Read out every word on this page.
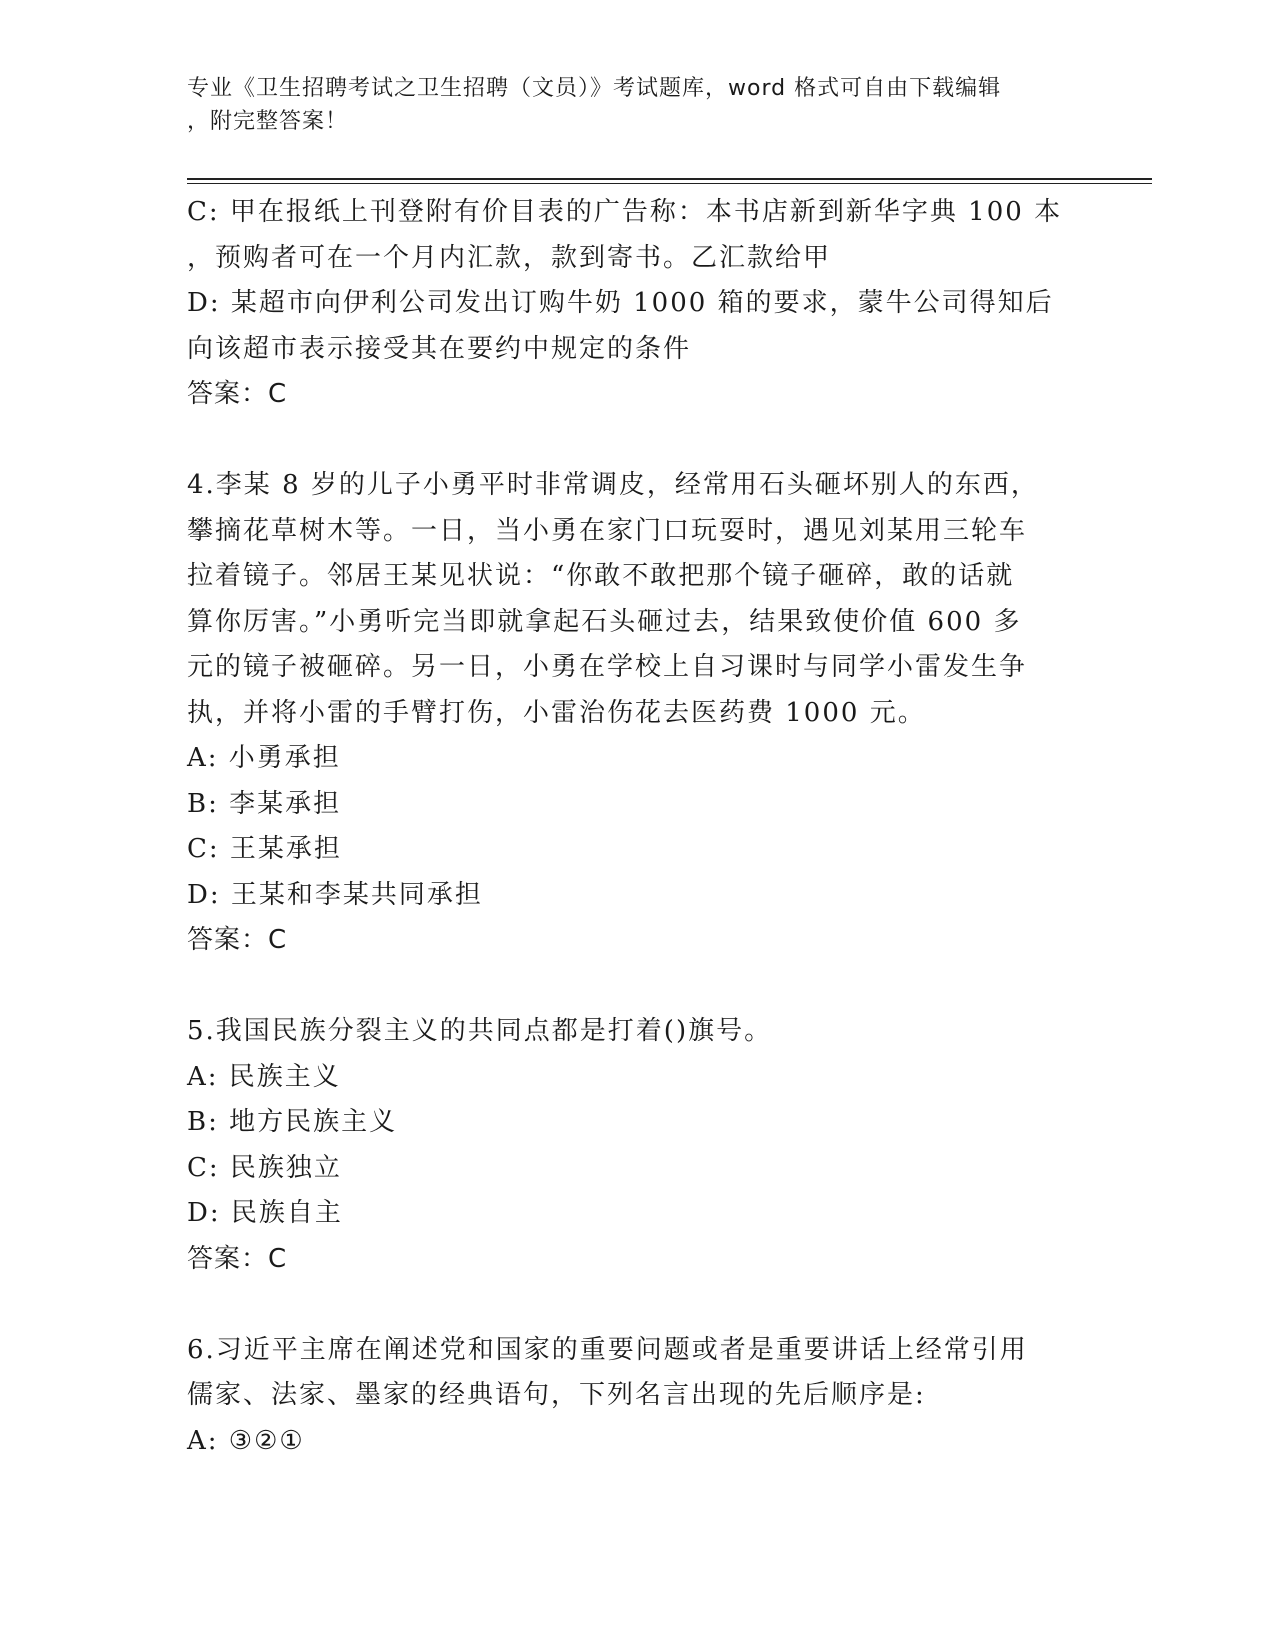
专业《卫生招聘考试之卫生招聘（文员）》考试题库，word 格式可自由下载编辑
，附完整答案！
C: 甲在报纸上刊登附有价目表的广告称：本书店新到新华字典 100 本
，预购者可在一个月内汇款，款到寄书。乙汇款给甲
D: 某超市向伊利公司发出订购牛奶 1000 箱的要求，蒙牛公司得知后
向该超市表示接受其在要约中规定的条件
答案：C
4.李某 8 岁的儿子小勇平时非常调皮，经常用石头砸坏别人的东西，
攀摘花草树木等。一日，当小勇在家门口玩耍时，遇见刘某用三轮车
拉着镜子。邻居王某见状说：“你敢不敢把那个镜子砸碎，敢的话就
算你厉害。”小勇听完当即就拿起石头砸过去，结果致使价值 600 多
元的镜子被砸碎。另一日，小勇在学校上自习课时与同学小雷发生争
执，并将小雷的手臂打伤，小雷治伤花去医药费 1000 元。
A: 小勇承担
B: 李某承担
C: 王某承担
D: 王某和李某共同承担
答案：C
5.我国民族分裂主义的共同点都是打着()旗号。
A: 民族主义
B: 地方民族主义
C: 民族独立
D: 民族自主
答案：C
6.习近平主席在阐述党和国家的重要问题或者是重要讲话上经常引用
儒家、法家、墨家的经典语句，下列名言出现的先后顺序是:
A: ③②①
